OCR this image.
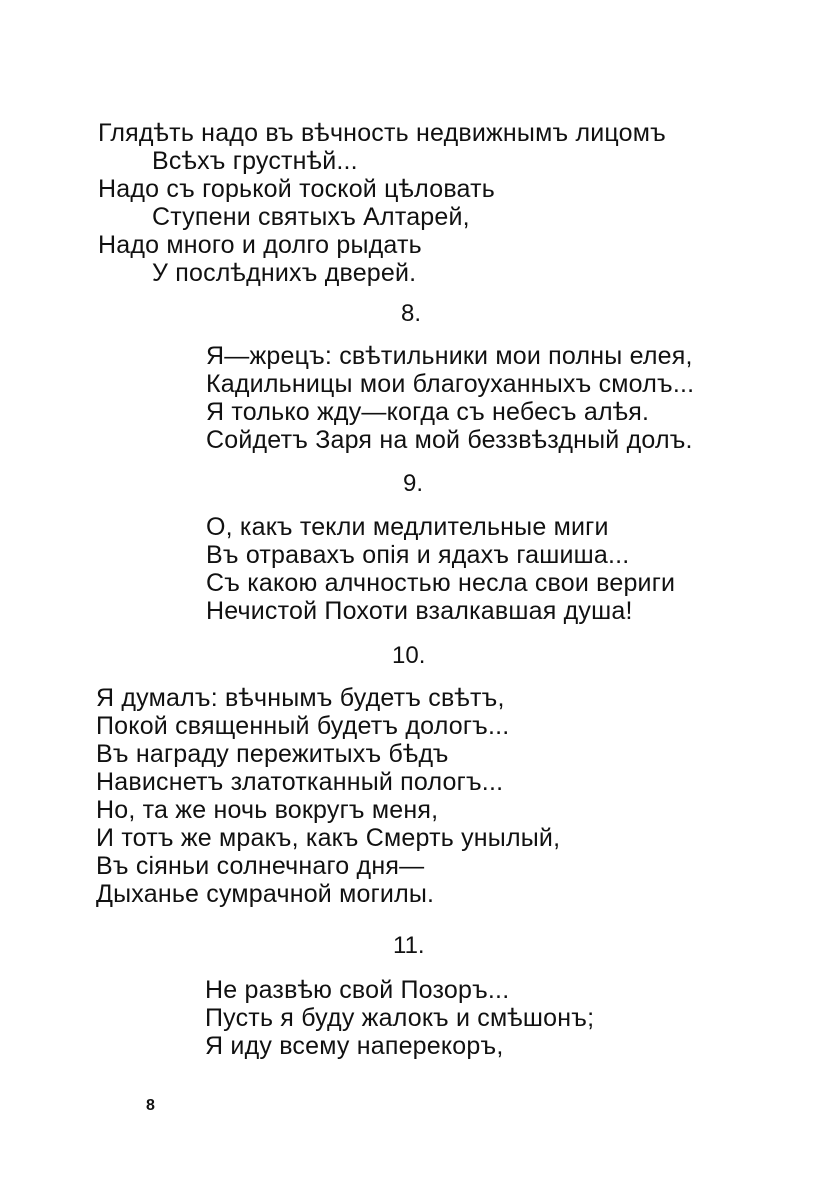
Глядѣть надо въ вѣчность недвижнымъ лицомъ
Всѣхъ грустнѣй...
Надо съ горькой тоской цѣловать
Ступени святыхъ Алтарей,
Надо много и долго рыдать
У послѣднихъ дверей.
8.
Я—жрецъ: свѣтильники мои полны елея,
Кадильницы мои благоуханныхъ смолъ...
Я только жду—когда съ небесъ алѣя.
Сойдетъ Заря на мой беззвѣздный долъ.
9.
О, какъ текли медлительные миги
Въ отравахъ опія и ядахъ гашиша...
Съ какою алчностью несла свои вериги
Нечистой Похоти взалкавшая душа!
10.
Я думалъ: вѣчнымъ будетъ свѣтъ,
Покой священный будетъ дологъ...
Въ награду пережитыхъ бѣдъ
Нависнетъ златотканный пологъ...
Но, та же ночь вокругъ меня,
И тотъ же мракъ, какъ Смерть унылый,
Въ сіяньи солнечнаго дня—
Дыханье сумрачной могилы.
11.
Не развѣю свой Позоръ...
Пусть я буду жалокъ и смѣшонъ;
Я иду всему наперекоръ,
8
